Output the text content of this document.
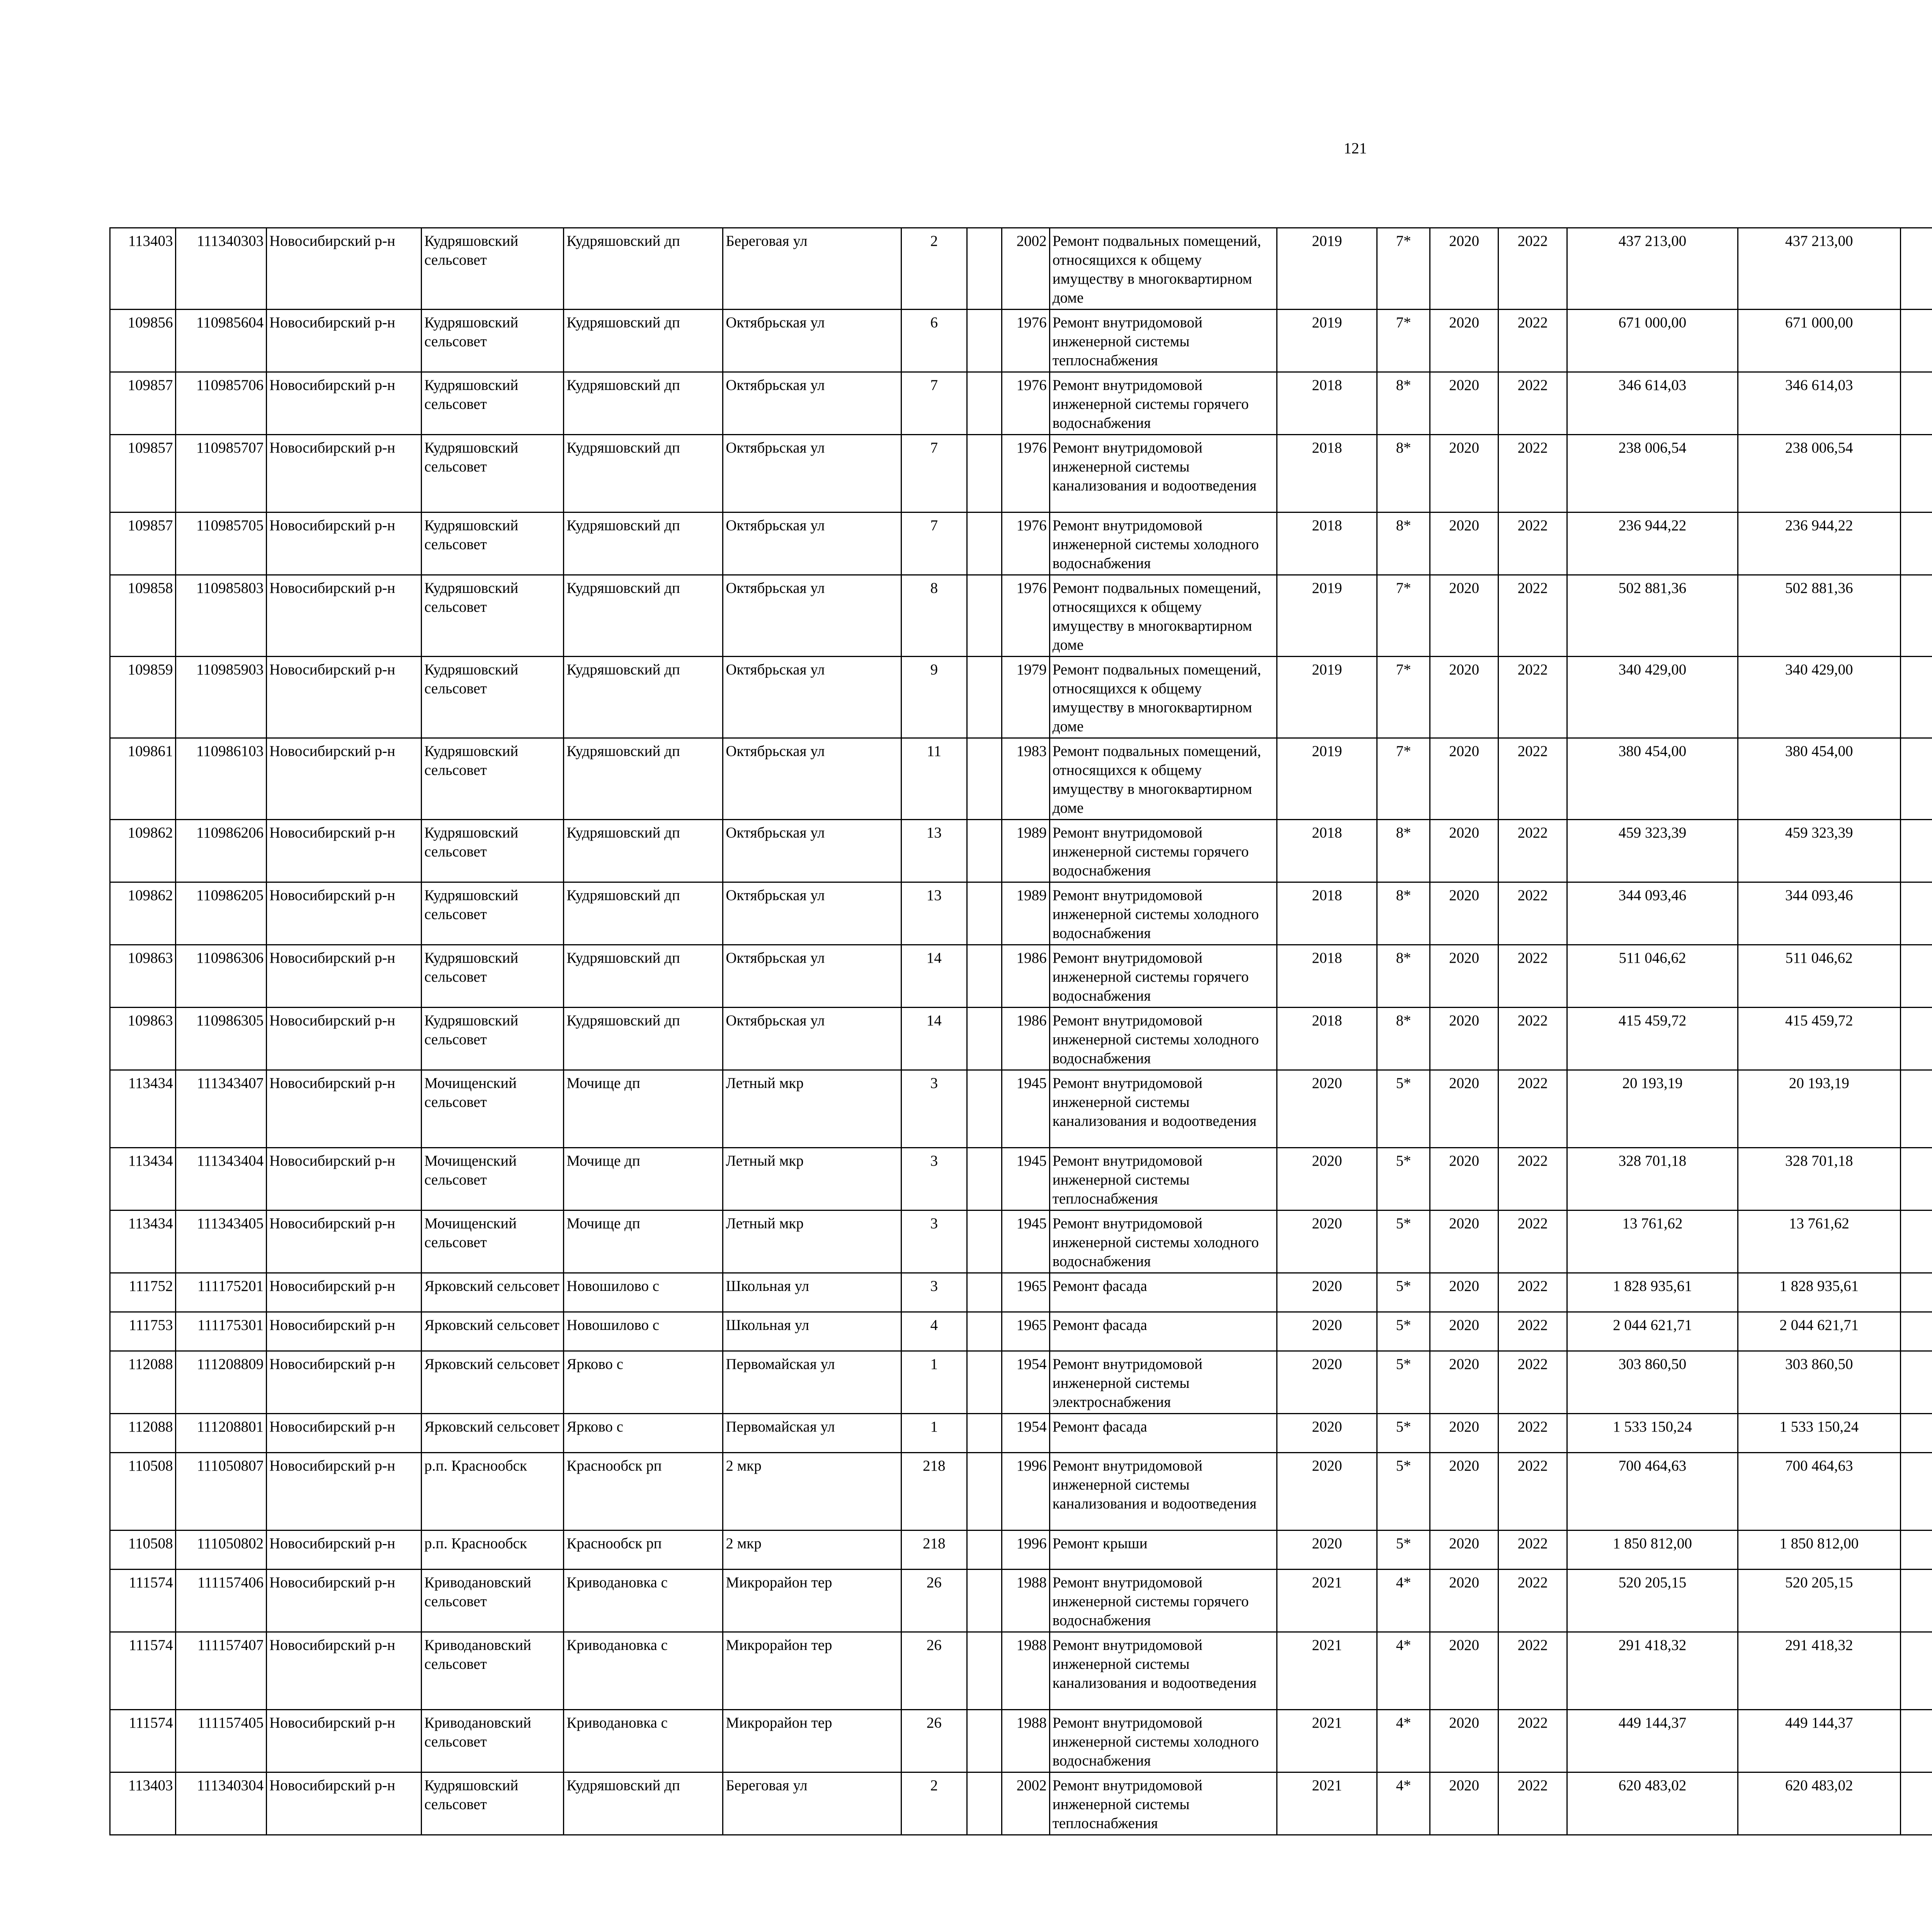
121
113403	111340303	Новосибирский р-н	Кудряшовский сельсовет	Кудряшовский дп	Береговая ул	2		2002	Ремонт подвальных помещений, относящихся к общему имуществу в многоквартирном доме	2019	7*	2020	2022	437 213,00	437 213,00						
109856	110985604	Новосибирский р-н	Кудряшовский сельсовет	Кудряшовский дп	Октябрьская ул	6		1976	Ремонт внутридомовой инженерной системы теплоснабжения	2019	7*	2020	2022	671 000,00	671 000,00						
109857	110985706	Новосибирский р-н	Кудряшовский сельсовет	Кудряшовский дп	Октябрьская ул	7		1976	Ремонт внутридомовой инженерной системы горячего водоснабжения	2018	8*	2020	2022	346 614,03	346 614,03						
109857	110985707	Новосибирский р-н	Кудряшовский сельсовет	Кудряшовский дп	Октябрьская ул	7		1976	Ремонт внутридомовой инженерной системы канализования и водоотведения	2018	8*	2020	2022	238 006,54	238 006,54						
109857	110985705	Новосибирский р-н	Кудряшовский сельсовет	Кудряшовский дп	Октябрьская ул	7		1976	Ремонт внутридомовой инженерной системы холодного водоснабжения	2018	8*	2020	2022	236 944,22	236 944,22						
109858	110985803	Новосибирский р-н	Кудряшовский сельсовет	Кудряшовский дп	Октябрьская ул	8		1976	Ремонт подвальных помещений, относящихся к общему имуществу в многоквартирном доме	2019	7*	2020	2022	502 881,36	502 881,36						
109859	110985903	Новосибирский р-н	Кудряшовский сельсовет	Кудряшовский дп	Октябрьская ул	9		1979	Ремонт подвальных помещений, относящихся к общему имуществу в многоквартирном доме	2019	7*	2020	2022	340 429,00	340 429,00						
109861	110986103	Новосибирский р-н	Кудряшовский сельсовет	Кудряшовский дп	Октябрьская ул	11		1983	Ремонт подвальных помещений, относящихся к общему имуществу в многоквартирном доме	2019	7*	2020	2022	380 454,00	380 454,00						
109862	110986206	Новосибирский р-н	Кудряшовский сельсовет	Кудряшовский дп	Октябрьская ул	13		1989	Ремонт внутридомовой инженерной системы горячего водоснабжения	2018	8*	2020	2022	459 323,39	459 323,39						
109862	110986205	Новосибирский р-н	Кудряшовский сельсовет	Кудряшовский дп	Октябрьская ул	13		1989	Ремонт внутридомовой инженерной системы холодного водоснабжения	2018	8*	2020	2022	344 093,46	344 093,46						
109863	110986306	Новосибирский р-н	Кудряшовский сельсовет	Кудряшовский дп	Октябрьская ул	14		1986	Ремонт внутридомовой инженерной системы горячего водоснабжения	2018	8*	2020	2022	511 046,62	511 046,62						
109863	110986305	Новосибирский р-н	Кудряшовский сельсовет	Кудряшовский дп	Октябрьская ул	14		1986	Ремонт внутридомовой инженерной системы холодного водоснабжения	2018	8*	2020	2022	415 459,72	415 459,72						
113434	111343407	Новосибирский р-н	Мочищенский сельсовет	Мочище дп	Летный мкр	3		1945	Ремонт внутридомовой инженерной системы канализования и водоотведения	2020	5*	2020	2022	20 193,19	20 193,19						
113434	111343404	Новосибирский р-н	Мочищенский сельсовет	Мочище дп	Летный мкр	3		1945	Ремонт внутридомовой инженерной системы теплоснабжения	2020	5*	2020	2022	328 701,18	328 701,18						
113434	111343405	Новосибирский р-н	Мочищенский сельсовет	Мочище дп	Летный мкр	3		1945	Ремонт внутридомовой инженерной системы холодного водоснабжения	2020	5*	2020	2022	13 761,62	13 761,62						
111752	111175201	Новосибирский р-н	Ярковский сельсовет	Новошилово с	Школьная ул	3		1965	Ремонт фасада	2020	5*	2020	2022	1 828 935,61	1 828 935,61						
111753	111175301	Новосибирский р-н	Ярковский сельсовет	Новошилово с	Школьная ул	4		1965	Ремонт фасада	2020	5*	2020	2022	2 044 621,71	2 044 621,71						
112088	111208809	Новосибирский р-н	Ярковский сельсовет	Ярково с	Первомайская ул	1		1954	Ремонт внутридомовой инженерной системы электроснабжения	2020	5*	2020	2022	303 860,50	303 860,50						
112088	111208801	Новосибирский р-н	Ярковский сельсовет	Ярково с	Первомайская ул	1		1954	Ремонт фасада	2020	5*	2020	2022	1 533 150,24	1 533 150,24						
110508	111050807	Новосибирский р-н	р.п. Краснообск	Краснообск рп	2 мкр	218		1996	Ремонт внутридомовой инженерной системы канализования и водоотведения	2020	5*	2020	2022	700 464,63	700 464,63						
110508	111050802	Новосибирский р-н	р.п. Краснообск	Краснообск рп	2 мкр	218		1996	Ремонт крыши	2020	5*	2020	2022	1 850 812,00	1 850 812,00						
111574	111157406	Новосибирский р-н	Криводановский сельсовет	Криводановка с	Микрорайон тер	26		1988	Ремонт внутридомовой инженерной системы горячего водоснабжения	2021	4*	2020	2022	520 205,15	520 205,15						
111574	111157407	Новосибирский р-н	Криводановский сельсовет	Криводановка с	Микрорайон тер	26		1988	Ремонт внутридомовой инженерной системы канализования и водоотведения	2021	4*	2020	2022	291 418,32	291 418,32						
111574	111157405	Новосибирский р-н	Криводановский сельсовет	Криводановка с	Микрорайон тер	26		1988	Ремонт внутридомовой инженерной системы холодного водоснабжения	2021	4*	2020	2022	449 144,37	449 144,37						
113403	111340304	Новосибирский р-н	Кудряшовский сельсовет	Кудряшовский дп	Береговая ул	2		2002	Ремонт внутридомовой инженерной системы теплоснабжения	2021	4*	2020	2022	620 483,02	620 483,02						
